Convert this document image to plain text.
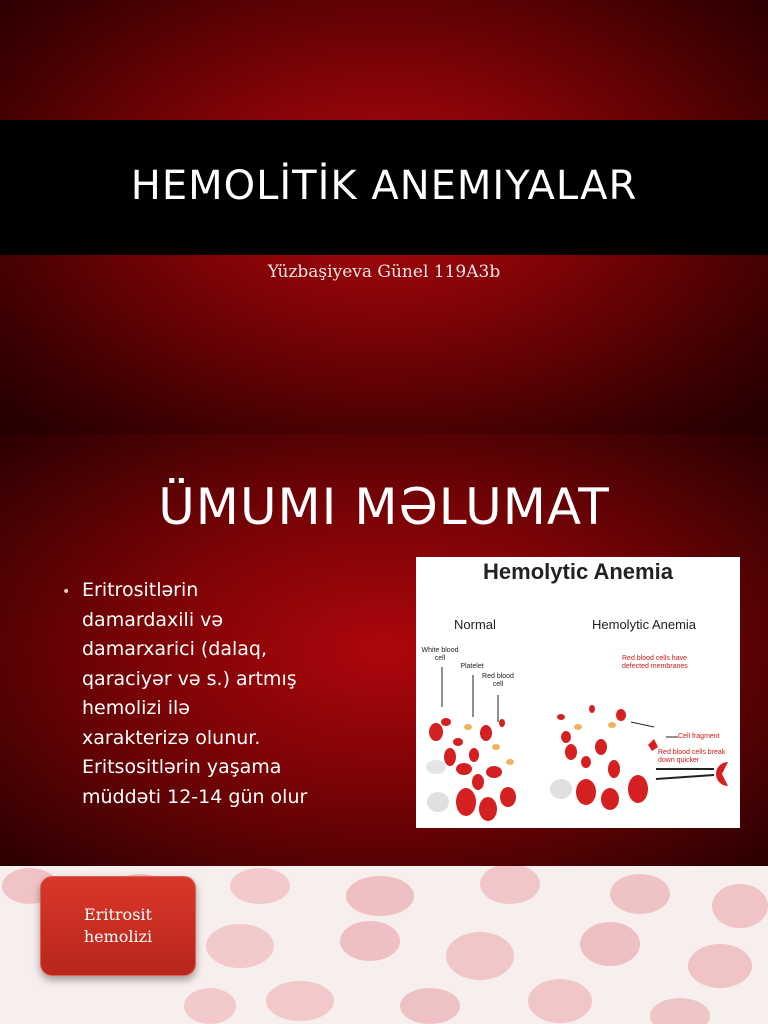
HEMOLİTİK ANEMIYALAR
Yüzbaşiyeva Günel 119A3b
ÜMUMI MƏLUMAT
• Eritrositlərin
damardaxili və
damarxarici (dalaq,
qaraciyər və s.) artmış
hemolizi ilə
xarakterizə olunur.
Eritsositlərin yaşama
müddəti 12-14 gün olur
Hemolytic Anemia
Normal	Hemolytic Anemia
White blood cell
Platelet
Red blood cell
Red blood cells have defected membranes
Cell fragment
Red blood cells break down quicker
Eritrosit
hemolizi
